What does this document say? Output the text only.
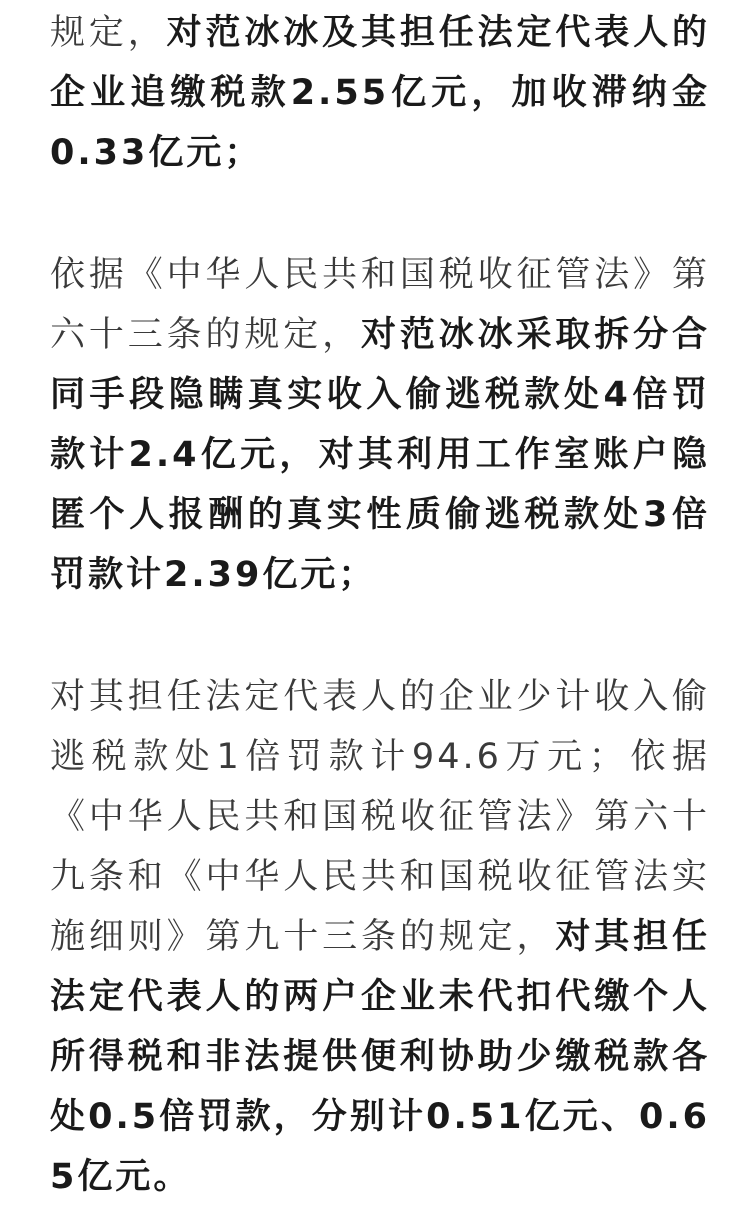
规定，对范冰冰及其担任法定代表人的企业追缴税款2.55亿元，加收滞纳金0.33亿元；

依据《中华人民共和国税收征管法》第六十三条的规定，对范冰冰采取拆分合同手段隐瞒真实收入偷逃税款处4倍罚款计2.4亿元，对其利用工作室账户隐匿个人报酬的真实性质偷逃税款处3倍罚款计2.39亿元；

对其担任法定代表人的企业少计收入偷逃税款处1倍罚款计94.6万元；依据《中华人民共和国税收征管法》第六十九条和《中华人民共和国税收征管法实施细则》第九十三条的规定，对其担任法定代表人的两户企业未代扣代缴个人所得税和非法提供便利协助少缴税款各处0.5倍罚款，分别计0.51亿元、0.65亿元。
